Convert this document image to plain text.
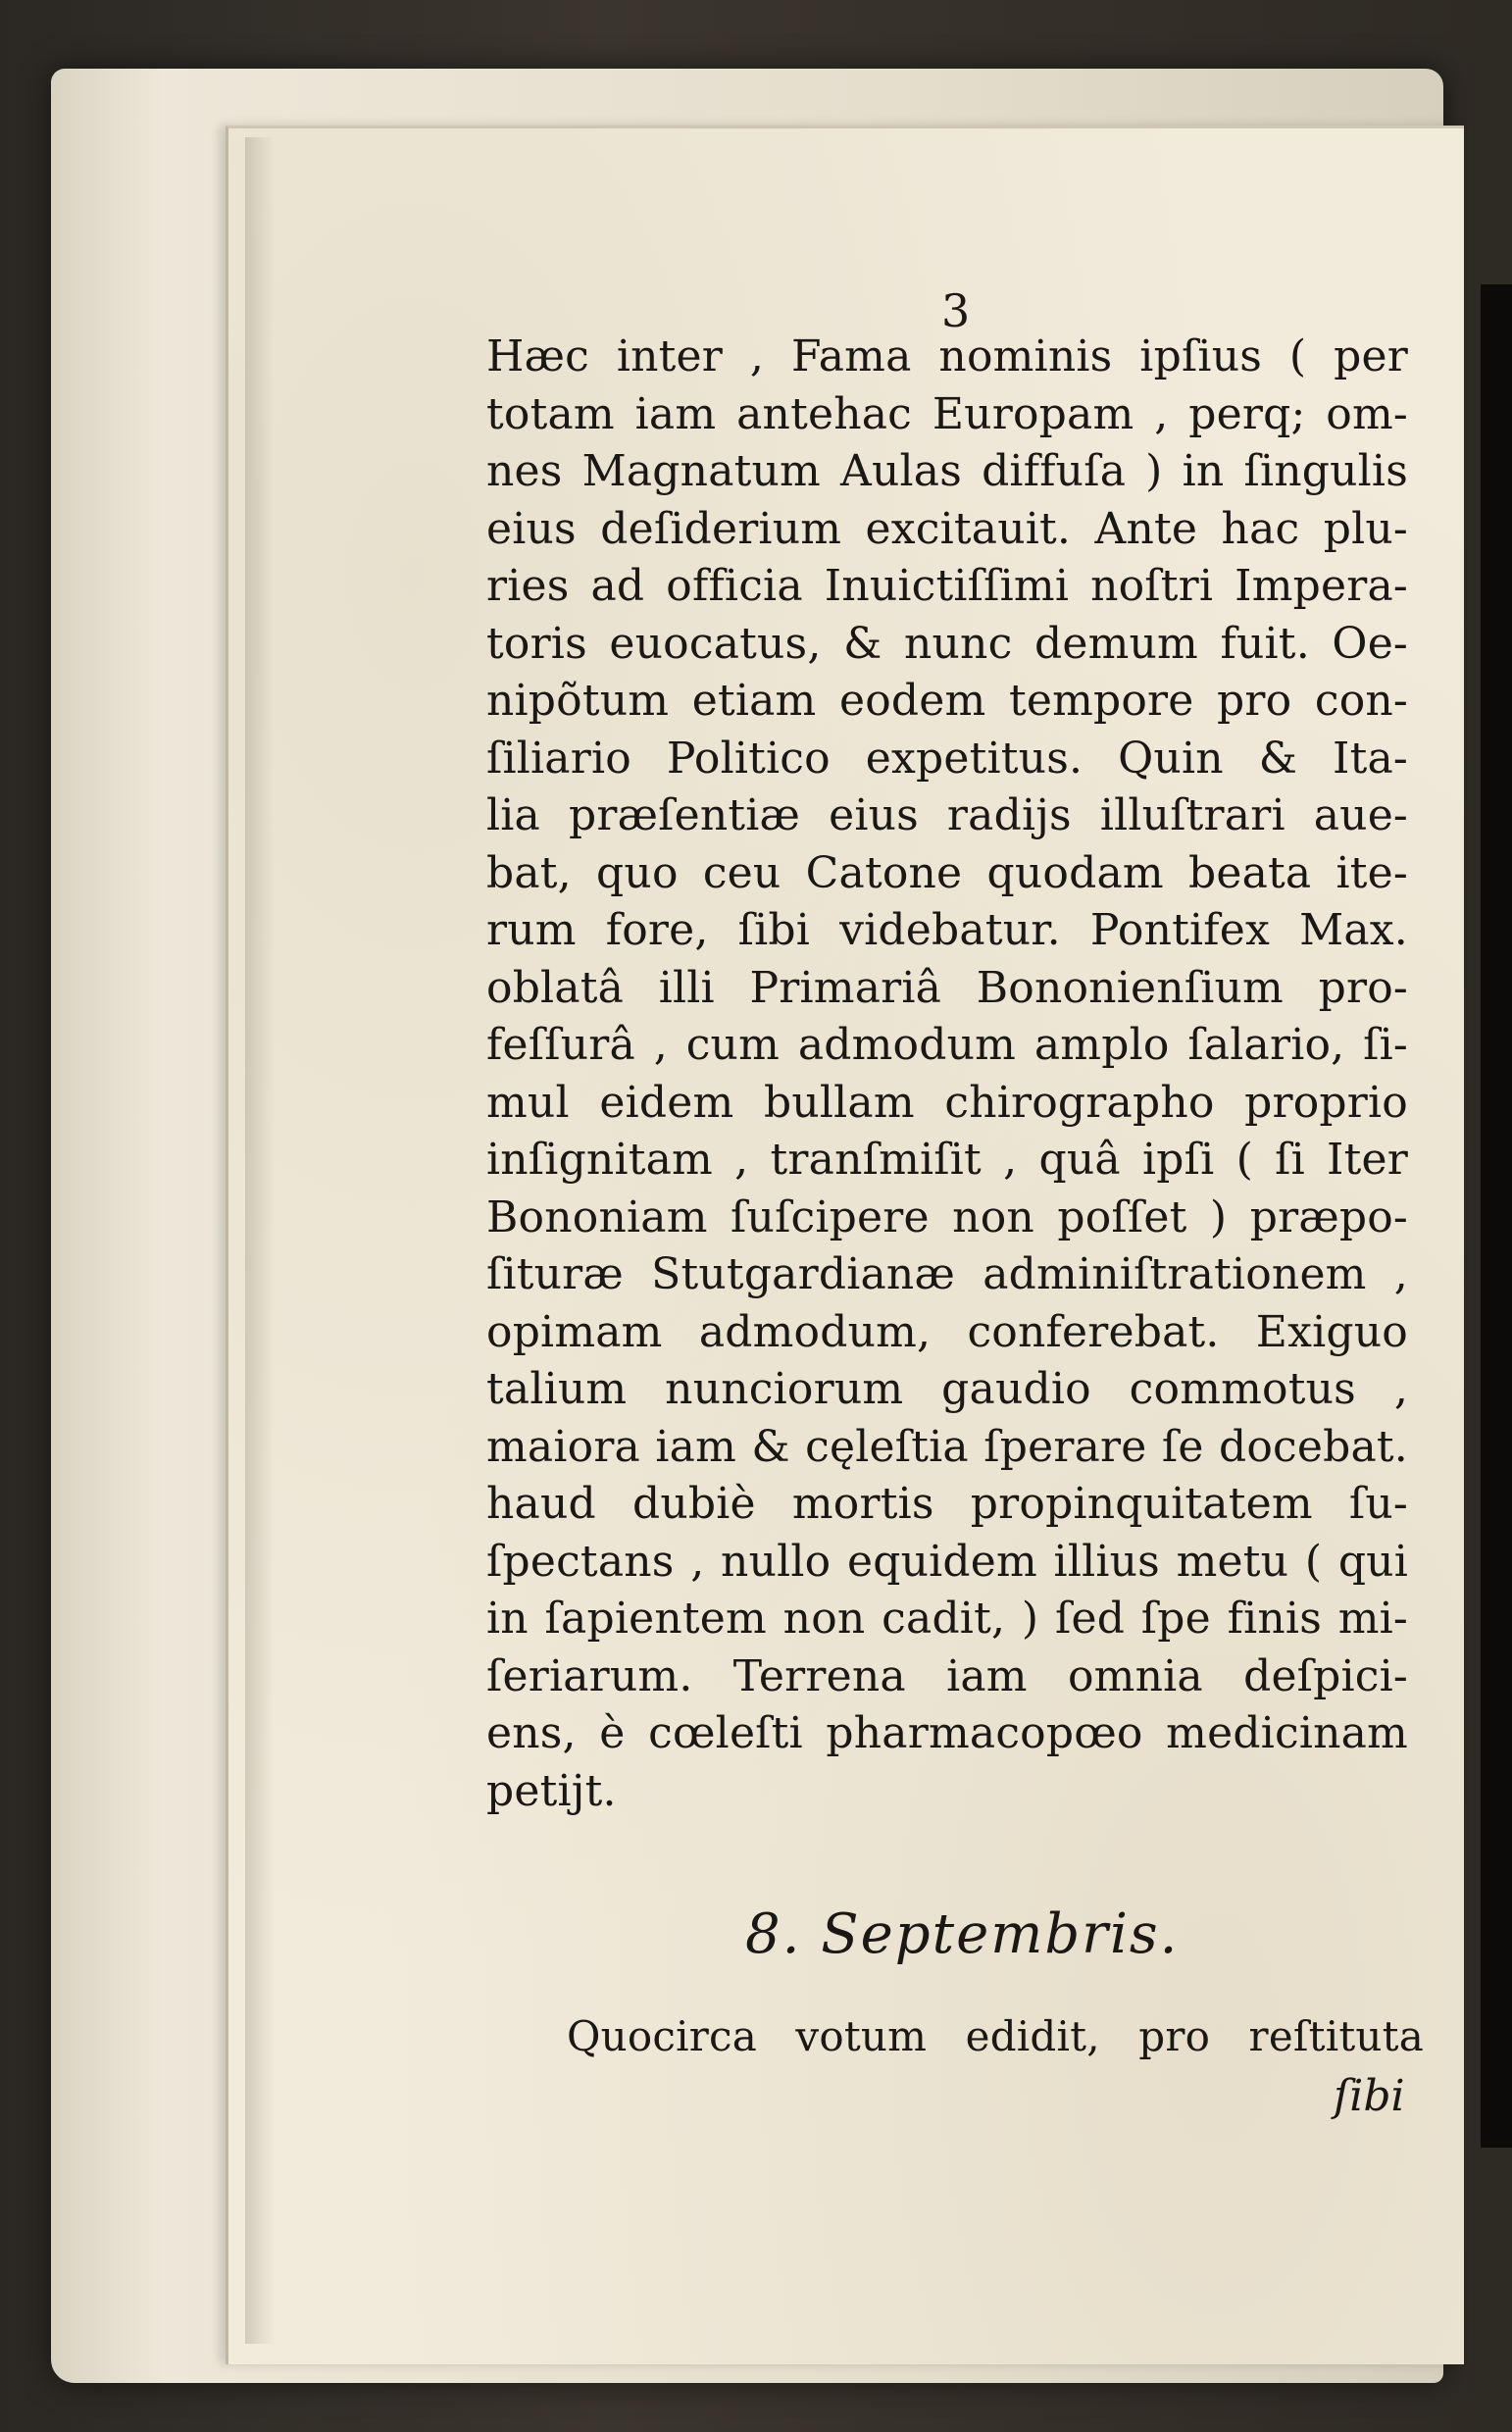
3
Hæc inter , Fama nominis ipſius ( per
totam iam antehac Europam , perq; om-
nes Magnatum Aulas diffuſa ) in ſingulis
eius deſiderium excitauit. Ante hac plu-
ries ad officia Inuictiſſimi noſtri Impera-
toris euocatus, & nunc demum fuit. Oe-
nipõtum etiam eodem tempore pro con-
ſiliario Politico expetitus. Quin & Ita-
lia præſentiæ eius radijs illuſtrari aue-
bat, quo ceu Catone quodam beata ite-
rum fore, ſibi videbatur. Pontifex Max.
oblatâ illi Primariâ Bononienſium pro-
feſſurâ , cum admodum amplo ſalario, ſi-
mul eidem bullam chirographo proprio
inſignitam , tranſmiſit , quâ ipſi ( ſi Iter
Bononiam ſuſcipere non poſſet ) præpo-
ſituræ Stutgardianæ adminiſtrationem ,
opimam admodum, conferebat. Exiguo
talium nunciorum gaudio commotus ,
maiora iam & cęleſtia ſperare ſe docebat.
haud dubiè mortis propinquitatem ſu-
ſpectans , nullo equidem illius metu ( qui
in ſapientem non cadit, ) ſed ſpe finis mi-
ſeriarum. Terrena iam omnia deſpici-
ens, è cœleſti pharmacopœo medicinam
petijt.
8. Septembris.
Quocirca votum edidit, pro reſtituta
ſibi
